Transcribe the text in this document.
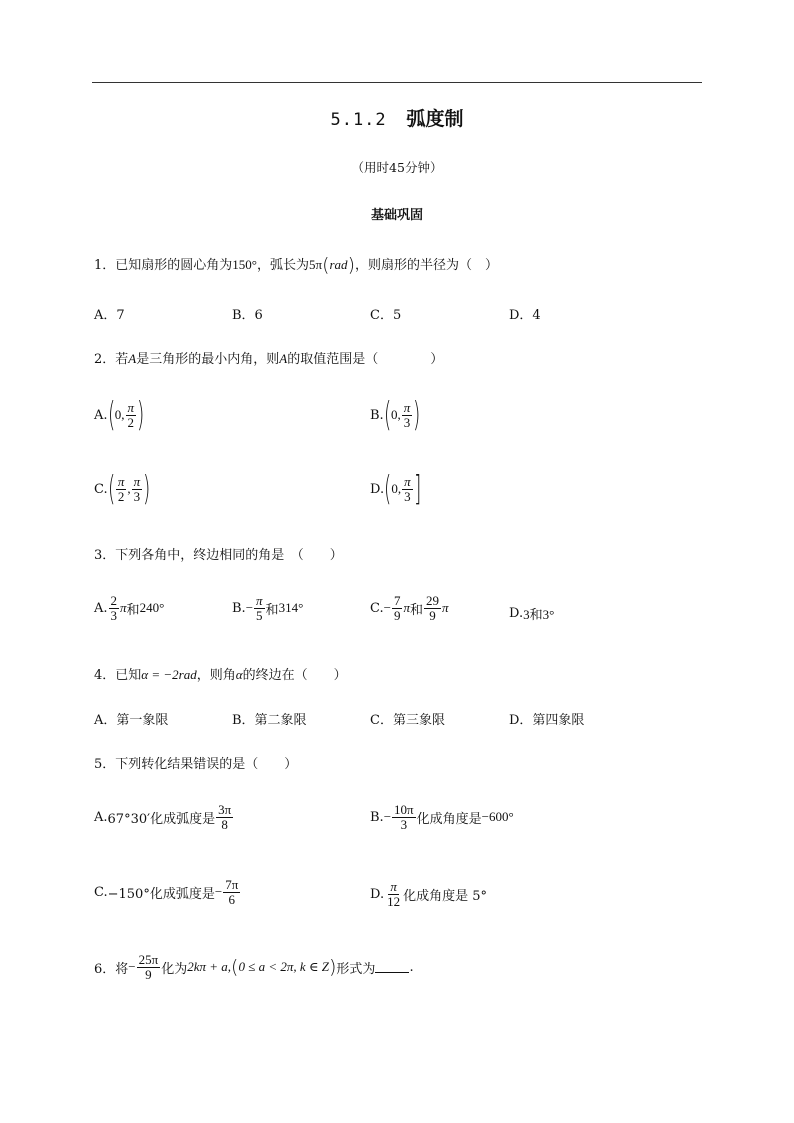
5.1.2 弧度制
（用时45分钟）
基础巩固
1．已知扇形的圆心角为150°，弧长为5π(rad)，则扇形的半径为（　）
A．7	B．6	C．5	D．4
2．若A是三角形的最小内角，则A的取值范围是（　　　　）
A. ( 0, $\frac{\pi}{2}$ )	B. ( 0, $\frac{\pi}{3}$ )
C. ( $\frac{\pi}{2}$ , $\frac{\pi}{3}$ )	D. ( 0, $\frac{\pi}{3}$ ]
3．下列各角中，终边相同的角是　（　　）
A. $\frac{2}{3}$ π 和 240°	B. − $\frac{\pi}{5}$ 和 314°	C. − $\frac{7}{9}$ π 和 $\frac{29}{9}$ π	D. 3和3°
4．已知α = −2rad，则角α的终边在（　　）
A．第一象限	B．第二象限	C．第三象限	D．第四象限
5．下列转化结果错误的是（　　）
A. 67°30′化成弧度是 $\frac{3\pi}{8}$	B. − $\frac{10\pi}{3}$ 化成角度是 −600°
C. −150°化成弧度是 − $\frac{7\pi}{6}$	D. $\frac{\pi}{12}$ 化成角度是 5°
6．将 − $\frac{25\pi}{9}$ 化为 2kπ + a, ( 0 ≤ a < 2π, k ∈ Z ) 形式为	.
